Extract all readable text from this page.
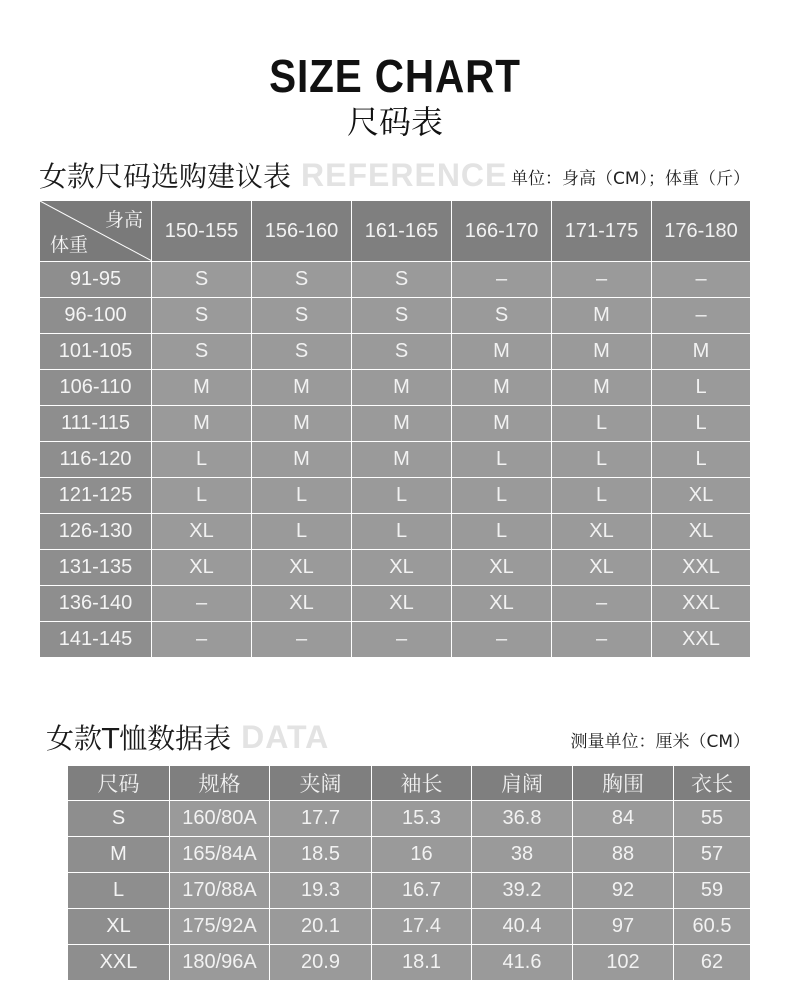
SIZE CHART
尺码表
女款尺码选购建议表 REFERENCE 单位：身高（CM）；体重（斤）
身高
体重	150-155	156-160	161-165	166-170	171-175	176-180
91-95	S	S	S	–	–	–
96-100	S	S	S	S	M	–
101-105	S	S	S	M	M	M
106-110	M	M	M	M	M	L
111-115	M	M	M	M	L	L
116-120	L	M	M	L	L	L
121-125	L	L	L	L	L	XL
126-130	XL	L	L	L	XL	XL
131-135	XL	XL	XL	XL	XL	XXL
136-140	–	XL	XL	XL	–	XXL
141-145	–	–	–	–	–	XXL
女款T恤数据表 DATA	测量单位：厘米（CM）
尺码	规格	夹阔	袖长	肩阔	胸围	衣长
S	160/80A	17.7	15.3	36.8	84	55
M	165/84A	18.5	16	38	88	57
L	170/88A	19.3	16.7	39.2	92	59
XL	175/92A	20.1	17.4	40.4	97	60.5
XXL	180/96A	20.9	18.1	41.6	102	62
